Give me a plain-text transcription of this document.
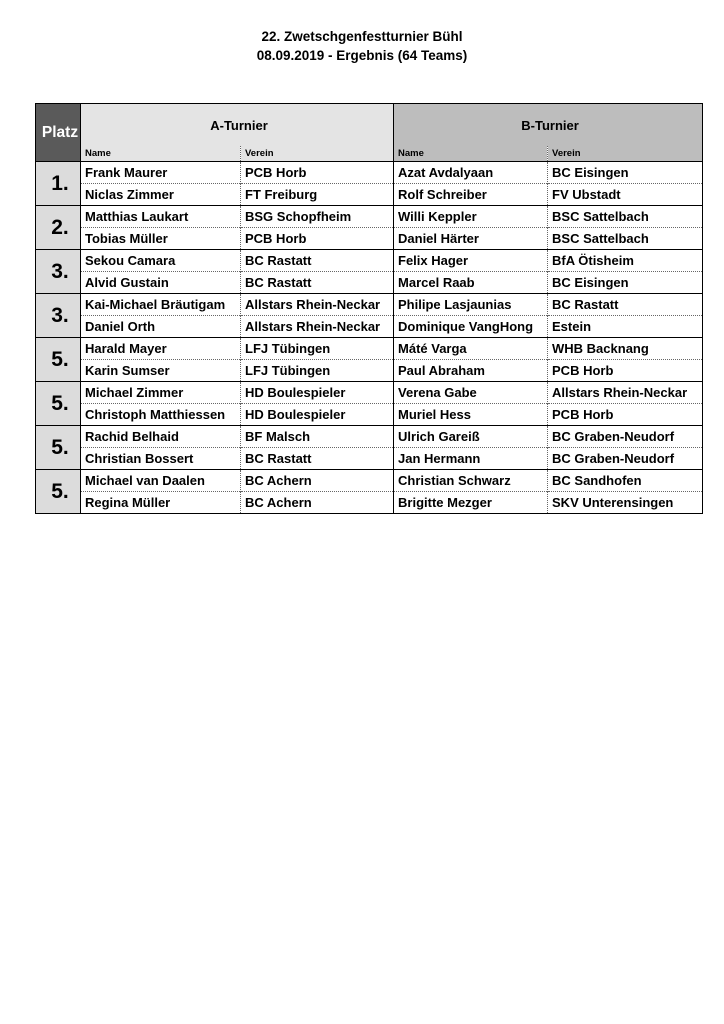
22. Zwetschgenfestturnier Bühl
08.09.2019 - Ergebnis (64 Teams)
Platz	A-Turnier		B-Turnier	
	Name	Verein	Name	Verein
1.	Frank Maurer	PCB Horb	Azat Avdalyaan	BC Eisingen
	Niclas Zimmer	FT Freiburg	Rolf Schreiber	FV Ubstadt
2.	Matthias Laukart	BSG Schopfheim	Willi Keppler	BSC Sattelbach
	Tobias Müller	PCB Horb	Daniel Härter	BSC Sattelbach
3.	Sekou Camara	BC Rastatt	Felix Hager	BfA Ötisheim
	Alvid Gustain	BC Rastatt	Marcel Raab	BC Eisingen
3.	Kai-Michael Bräutigam	Allstars Rhein-Neckar	Philipe Lasjaunias	BC Rastatt
	Daniel Orth	Allstars Rhein-Neckar	Dominique VangHong	Estein
5.	Harald Mayer	LFJ Tübingen	Máté Varga	WHB Backnang
	Karin Sumser	LFJ Tübingen	Paul Abraham	PCB Horb
5.	Michael Zimmer	HD Boulespieler	Verena Gabe	Allstars Rhein-Neckar
	Christoph Matthiessen	HD Boulespieler	Muriel Hess	PCB Horb
5.	Rachid Belhaid	BF Malsch	Ulrich Gareiß	BC Graben-Neudorf
	Christian Bossert	BC Rastatt	Jan Hermann	BC Graben-Neudorf
5.	Michael van Daalen	BC Achern	Christian Schwarz	BC Sandhofen
	Regina Müller	BC Achern	Brigitte Mezger	SKV Unterensingen
